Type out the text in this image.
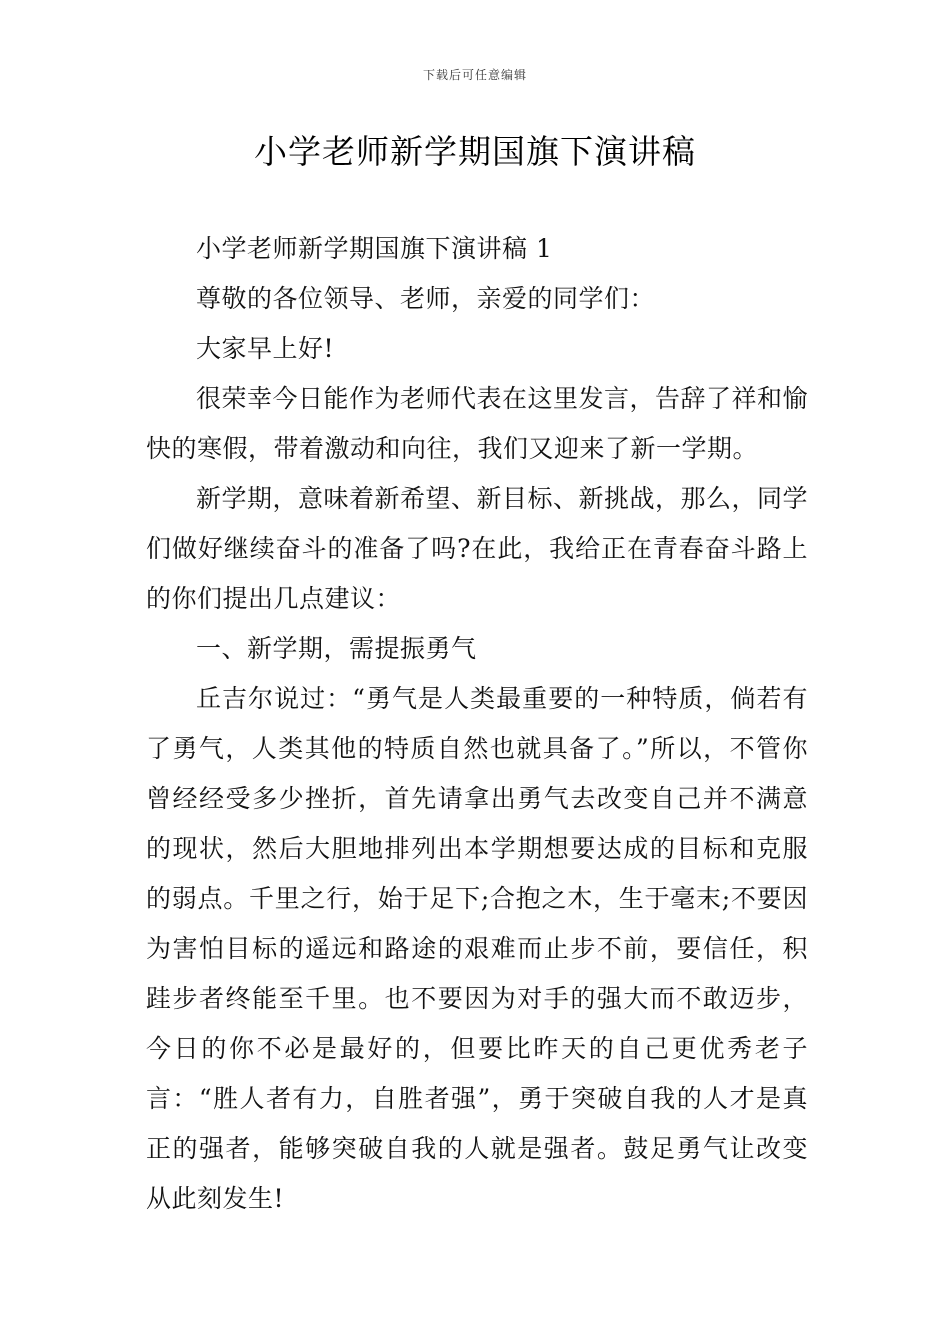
下载后可任意编辑
小学老师新学期国旗下演讲稿

小学老师新学期国旗下演讲稿 1

尊敬的各位领导、老师，亲爱的同学们：

大家早上好!

很荣幸今日能作为老师代表在这里发言，告辞了祥和愉快的寒假，带着激动和向往，我们又迎来了新一学期。

新学期，意味着新希望、新目标、新挑战，那么，同学们做好继续奋斗的准备了吗?在此，我给正在青春奋斗路上的你们提出几点建议：

一、新学期，需提振勇气

丘吉尔说过：“勇气是人类最重要的一种特质，倘若有了勇气，人类其他的特质自然也就具备了。”所以，不管你曾经经受多少挫折，首先请拿出勇气去改变自己并不满意的现状，然后大胆地排列出本学期想要达成的目标和克服的弱点。千里之行，始于足下;合抱之木，生于毫末;不要因为害怕目标的遥远和路途的艰难而止步不前，要信任，积跬步者终能至千里。也不要因为对手的强大而不敢迈步，今日的你不必是最好的，但要比昨天的自己更优秀老子言：“胜人者有力，自胜者强”，勇于突破自我的人才是真正的强者，能够突破自我的人就是强者。鼓足勇气让改变从此刻发生!
